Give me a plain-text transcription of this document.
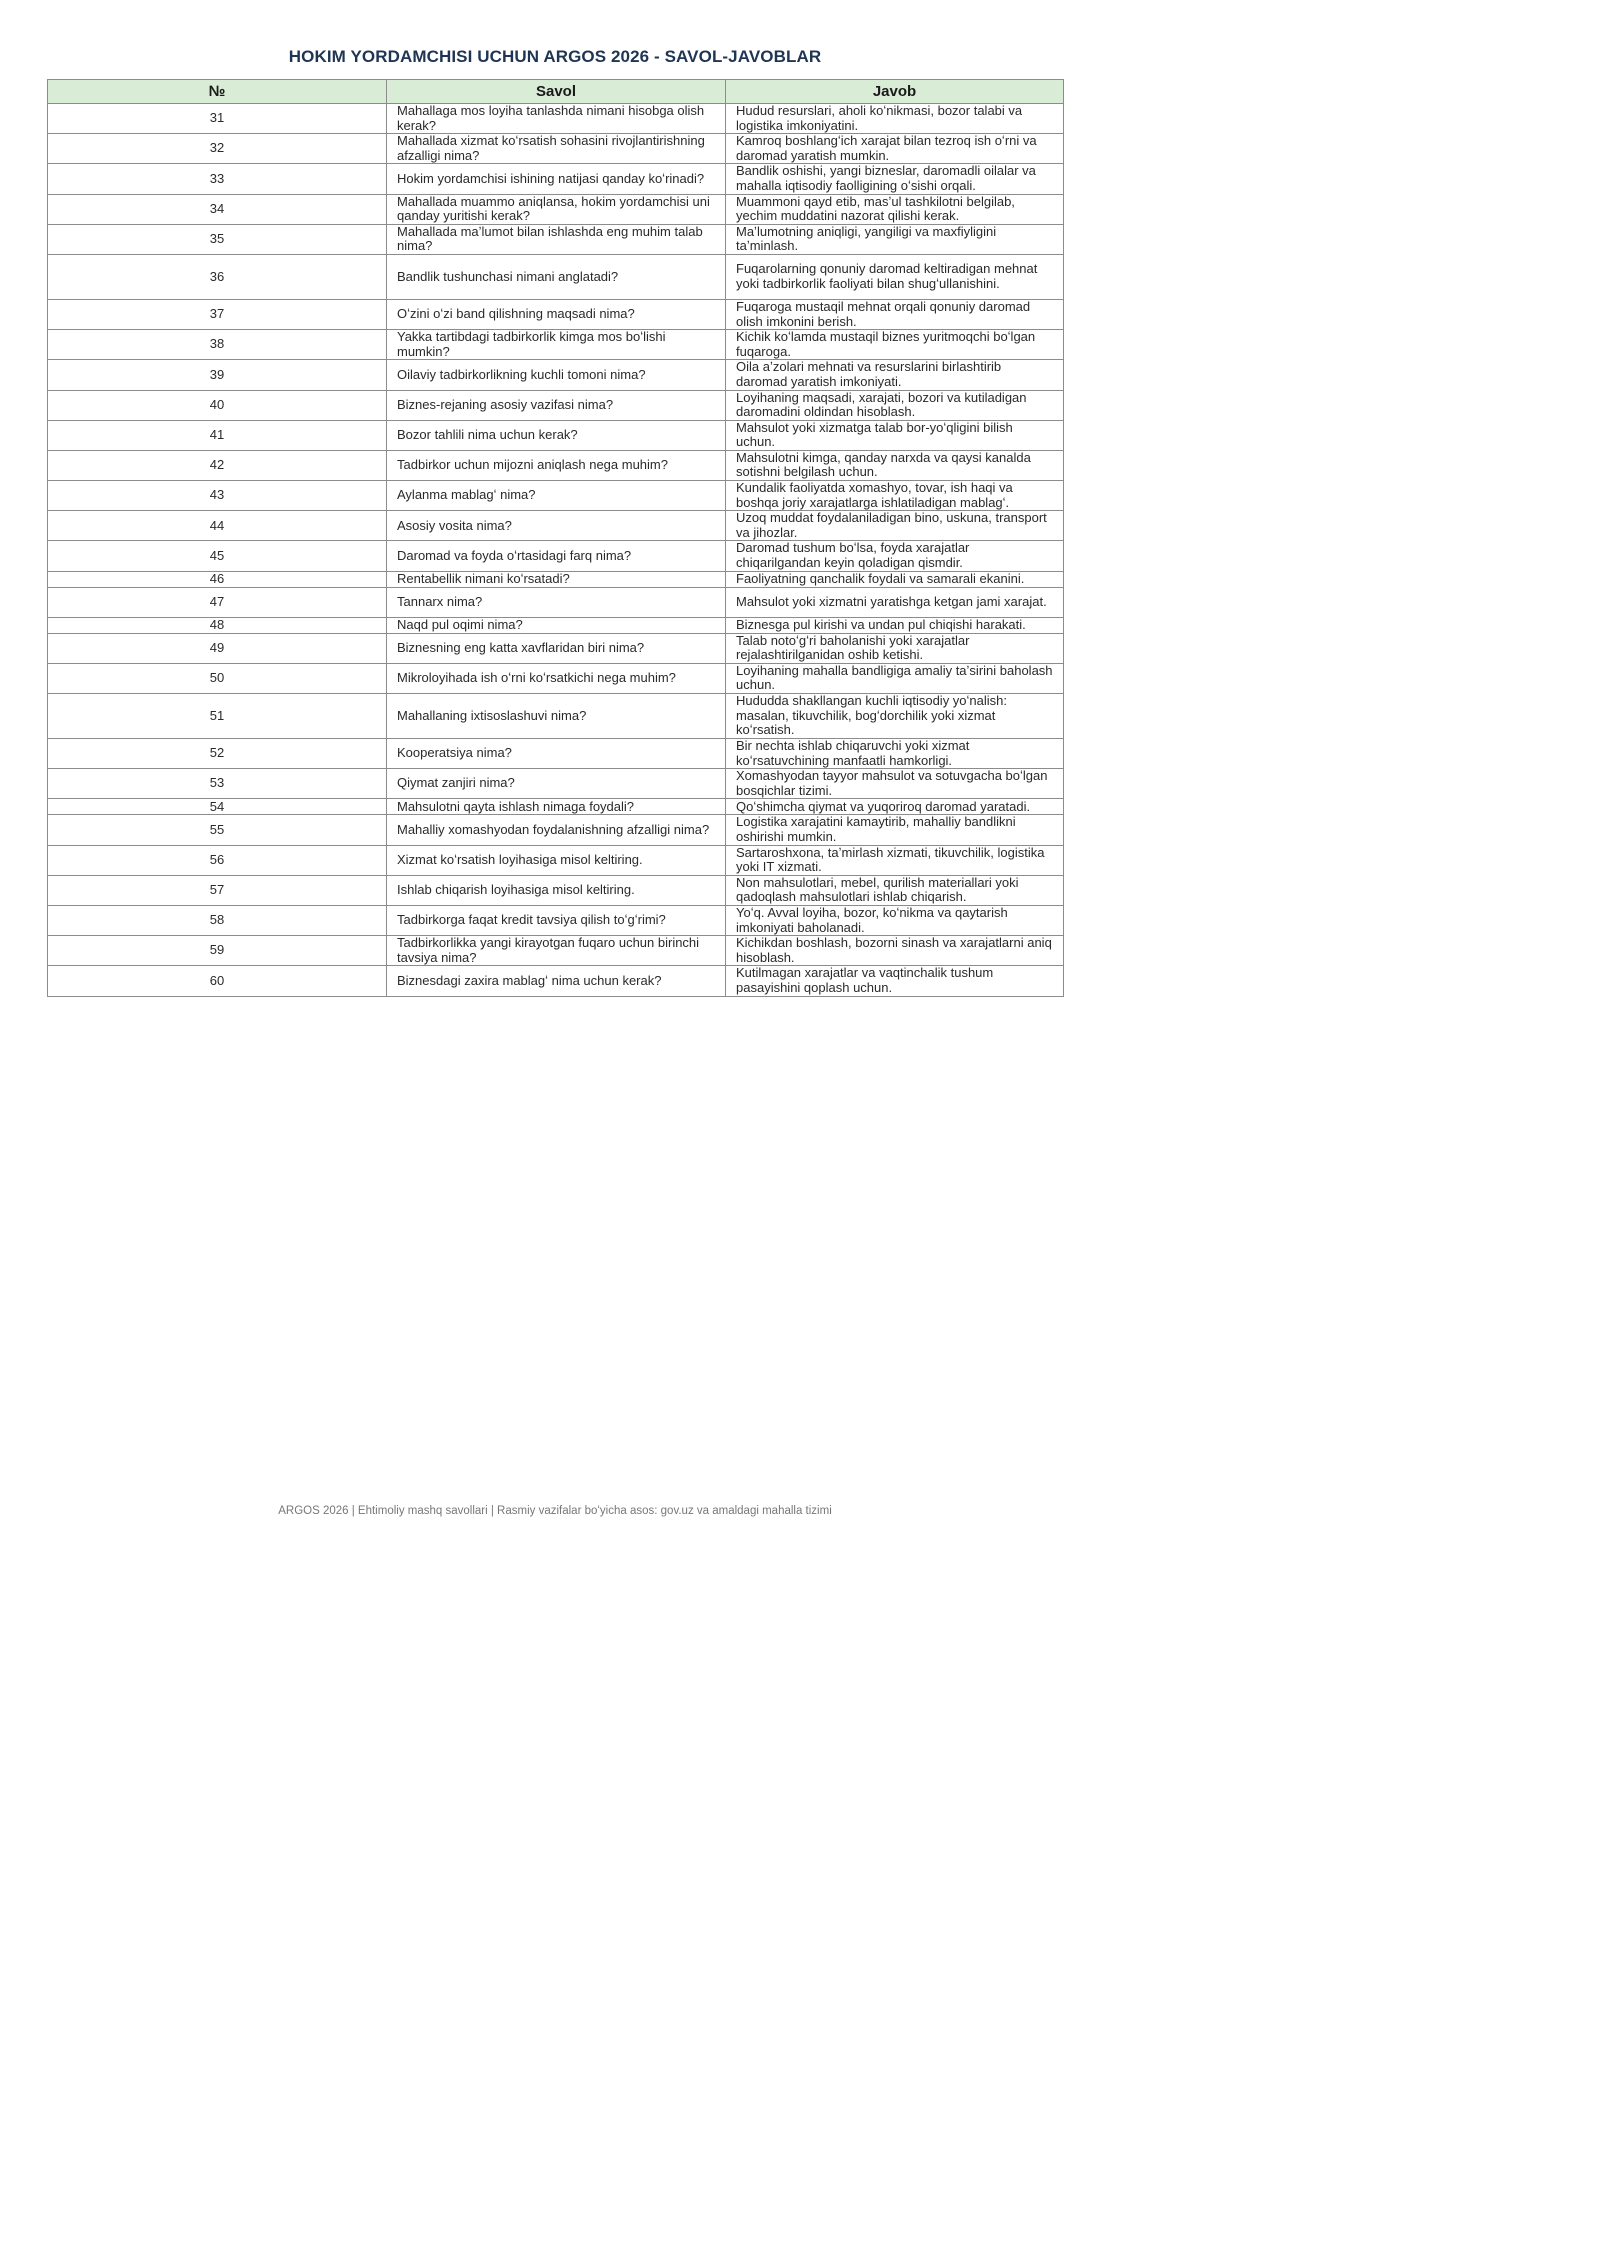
HOKIM YORDAMCHISI UCHUN ARGOS 2026 - SAVOL-JAVOBLAR
№	Savol	Javob
31	Mahallaga mos loyiha tanlashda nimani hisobga olish kerak?	Hudud resurslari, aholi koʻnikmasi, bozor talabi va logistika imkoniyatini.
32	Mahallada xizmat koʻrsatish sohasini rivojlantirishning afzalligi nima?	Kamroq boshlangʻich xarajat bilan tezroq ish oʻrni va daromad yaratish mumkin.
33	Hokim yordamchisi ishining natijasi qanday koʻrinadi?	Bandlik oshishi, yangi bizneslar, daromadli oilalar va mahalla iqtisodiy faolligining oʻsishi orqali.
34	Mahallada muammo aniqlansa, hokim yordamchisi uni qanday yuritishi kerak?	Muammoni qayd etib, masʼul tashkilotni belgilab, yechim muddatini nazorat qilishi kerak.
35	Mahallada maʼlumot bilan ishlashda eng muhim talab nima?	Maʼlumotning aniqligi, yangiligi va maxfiyligini taʼminlash.
36	Bandlik tushunchasi nimani anglatadi?	Fuqarolarning qonuniy daromad keltiradigan mehnat yoki tadbirkorlik faoliyati bilan shugʻullanishini.
37	Oʻzini oʻzi band qilishning maqsadi nima?	Fuqaroga mustaqil mehnat orqali qonuniy daromad olish imkonini berish.
38	Yakka tartibdagi tadbirkorlik kimga mos boʻlishi mumkin?	Kichik koʻlamda mustaqil biznes yuritmoqchi boʻlgan fuqaroga.
39	Oilaviy tadbirkorlikning kuchli tomoni nima?	Oila aʼzolari mehnati va resurslarini birlashtirib daromad yaratish imkoniyati.
40	Biznes-rejaning asosiy vazifasi nima?	Loyihaning maqsadi, xarajati, bozori va kutiladigan daromadini oldindan hisoblash.
41	Bozor tahlili nima uchun kerak?	Mahsulot yoki xizmatga talab bor-yoʻqligini bilish uchun.
42	Tadbirkor uchun mijozni aniqlash nega muhim?	Mahsulotni kimga, qanday narxda va qaysi kanalda sotishni belgilash uchun.
43	Aylanma mablagʻ nima?	Kundalik faoliyatda xomashyo, tovar, ish haqi va boshqa joriy xarajatlarga ishlatiladigan mablagʻ.
44	Asosiy vosita nima?	Uzoq muddat foydalaniladigan bino, uskuna, transport va jihozlar.
45	Daromad va foyda oʻrtasidagi farq nima?	Daromad tushum boʻlsa, foyda xarajatlar chiqarilgandan keyin qoladigan qismdir.
46	Rentabellik nimani koʻrsatadi?	Faoliyatning qanchalik foydali va samarali ekanini.
47	Tannarx nima?	Mahsulot yoki xizmatni yaratishga ketgan jami xarajat.
48	Naqd pul oqimi nima?	Biznesga pul kirishi va undan pul chiqishi harakati.
49	Biznesning eng katta xavflaridan biri nima?	Talab notoʻgʻri baholanishi yoki xarajatlar rejalashtirilganidan oshib ketishi.
50	Mikroloyihada ish oʻrni koʻrsatkichi nega muhim?	Loyihaning mahalla bandligiga amaliy taʼsirini baholash uchun.
51	Mahallaning ixtisoslashuvi nima?	Hududda shakllangan kuchli iqtisodiy yoʻnalish: masalan, tikuvchilik, bogʻdorchilik yoki xizmat koʻrsatish.
52	Kooperatsiya nima?	Bir nechta ishlab chiqaruvchi yoki xizmat koʻrsatuvchining manfaatli hamkorligi.
53	Qiymat zanjiri nima?	Xomashyodan tayyor mahsulot va sotuvgacha boʻlgan bosqichlar tizimi.
54	Mahsulotni qayta ishlash nimaga foydali?	Qoʻshimcha qiymat va yuqoriroq daromad yaratadi.
55	Mahalliy xomashyodan foydalanishning afzalligi nima?	Logistika xarajatini kamaytirib, mahalliy bandlikni oshirishi mumkin.
56	Xizmat koʻrsatish loyihasiga misol keltiring.	Sartaroshxona, taʼmirlash xizmati, tikuvchilik, logistika yoki IT xizmati.
57	Ishlab chiqarish loyihasiga misol keltiring.	Non mahsulotlari, mebel, qurilish materiallari yoki qadoqlash mahsulotlari ishlab chiqarish.
58	Tadbirkorga faqat kredit tavsiya qilish toʻgʻrimi?	Yoʻq. Avval loyiha, bozor, koʻnikma va qaytarish imkoniyati baholanadi.
59	Tadbirkorlikka yangi kirayotgan fuqaro uchun birinchi tavsiya nima?	Kichikdan boshlash, bozorni sinash va xarajatlarni aniq hisoblash.
60	Biznesdagi zaxira mablagʻ nima uchun kerak?	Kutilmagan xarajatlar va vaqtinchalik tushum pasayishini qoplash uchun.
ARGOS 2026 | Ehtimoliy mashq savollari | Rasmiy vazifalar boʻyicha asos: gov.uz va amaldagi mahalla tizimi
